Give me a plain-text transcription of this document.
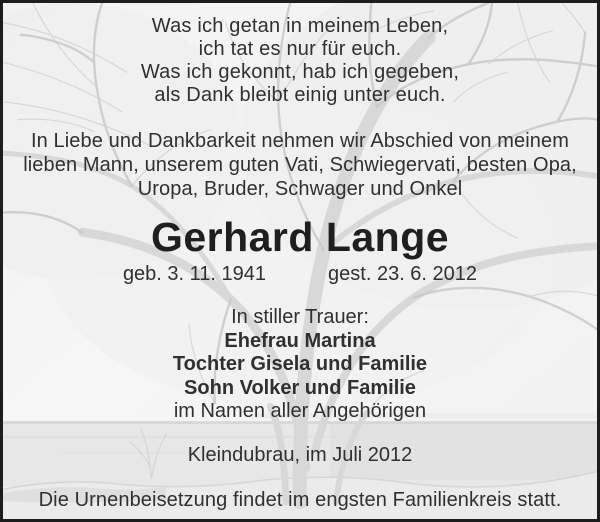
Was ich getan in meinem Leben,
ich tat es nur für euch.
Was ich gekonnt, hab ich gegeben,
als Dank bleibt einig unter euch.
In Liebe und Dankbarkeit nehmen wir Abschied von meinem
lieben Mann, unserem guten Vati, Schwiegervati, besten Opa,
Uropa, Bruder, Schwager und Onkel
Gerhard Lange
geb. 3. 11. 1941	gest. 23. 6. 2012
In stiller Trauer:
Ehefrau Martina
Tochter Gisela und Familie
Sohn Volker und Familie
im Namen aller Angehörigen
Kleindubrau, im Juli 2012
Die Urnenbeisetzung findet im engsten Familienkreis statt.
